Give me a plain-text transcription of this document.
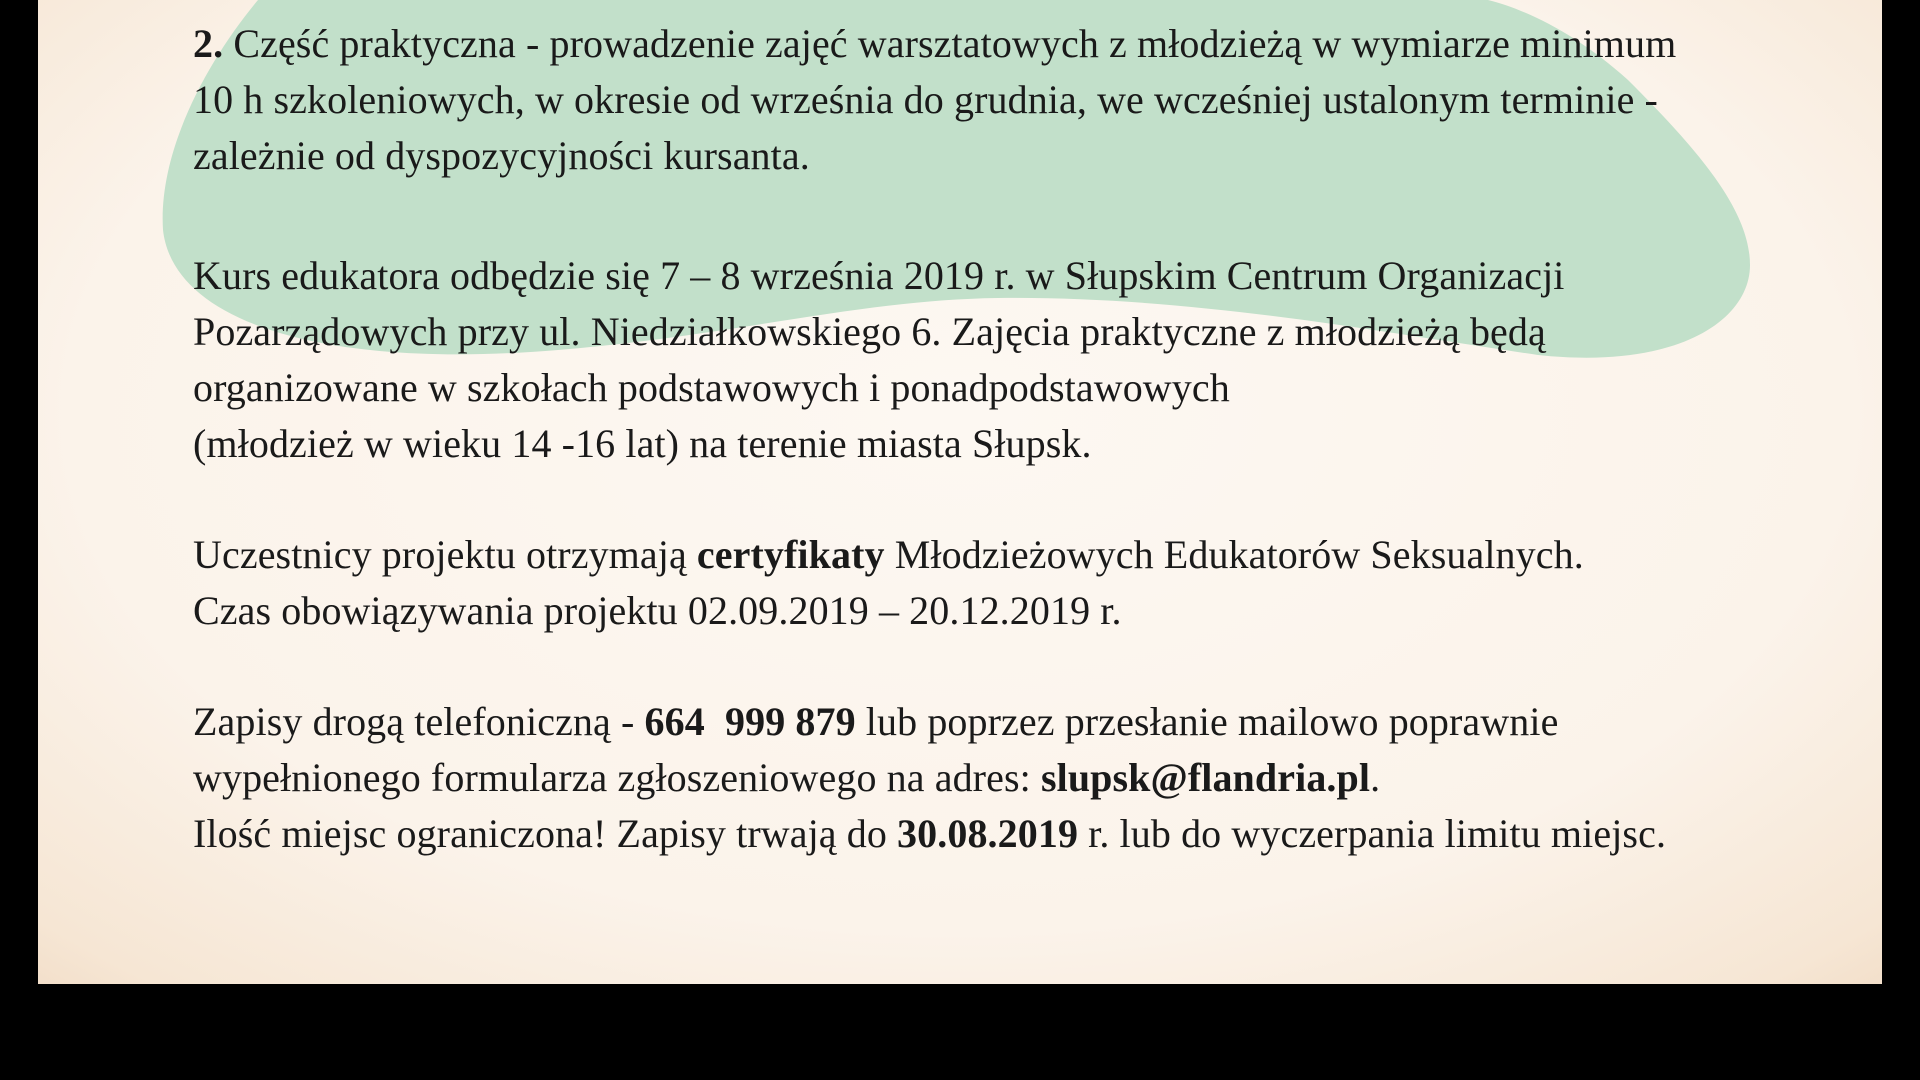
2. Część praktyczna - prowadzenie zajęć warsztatowych z młodzieżą w wymiarze minimum
10 h szkoleniowych, w okresie od września do grudnia, we wcześniej ustalonym terminie -
zależnie od dyspozycyjności kursanta.

Kurs edukatora odbędzie się 7 – 8 września 2019 r. w Słupskim Centrum Organizacji
Pozarządowych przy ul. Niedziałkowskiego 6. Zajęcia praktyczne z młodzieżą będą
organizowane w szkołach podstawowych i ponadpodstawowych
(młodzież w wieku 14 -16 lat) na terenie miasta Słupsk.

Uczestnicy projektu otrzymają certyfikaty Młodzieżowych Edukatorów Seksualnych.
Czas obowiązywania projektu 02.09.2019 – 20.12.2019 r.

Zapisy drogą telefoniczną - 664  999 879 lub poprzez przesłanie mailowo poprawnie
wypełnionego formularza zgłoszeniowego na adres: slupsk@flandria.pl.
Ilość miejsc ograniczona! Zapisy trwają do 30.08.2019 r. lub do wyczerpania limitu miejsc.
